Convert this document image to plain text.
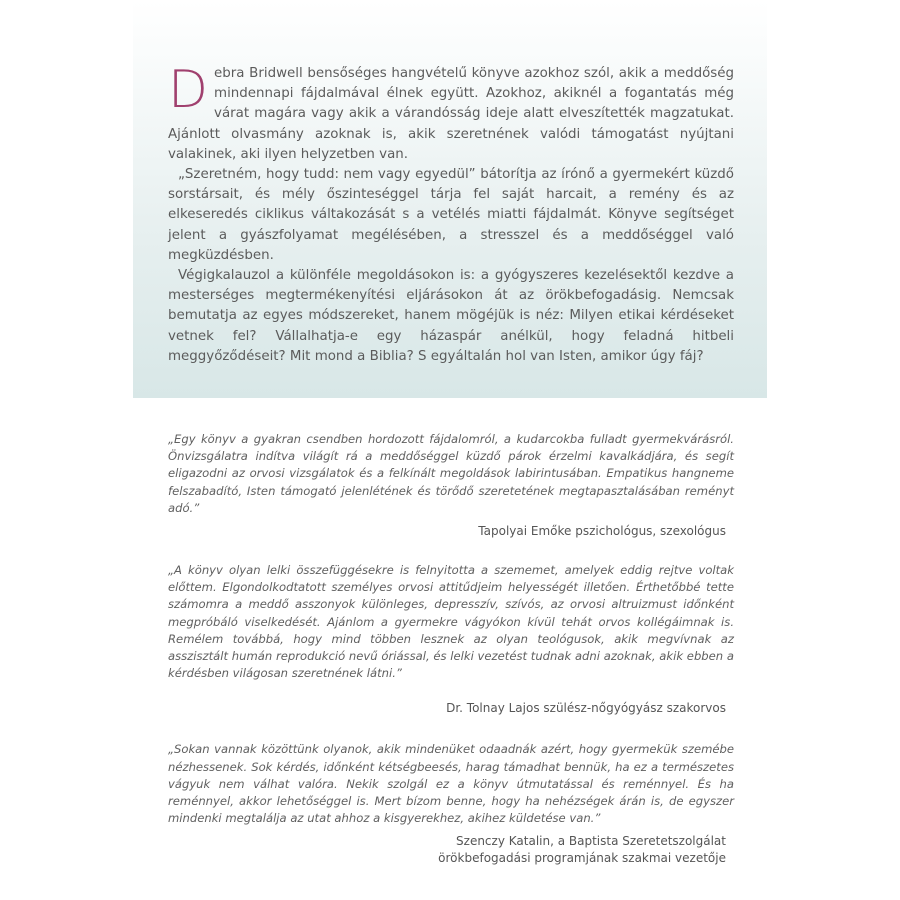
Debra Bridwell bensőséges hangvételű könyve azokhoz szól, akik a meddőség mindennapi fájdalmával élnek együtt. Azokhoz, akiknél a fogantatás még várat magára vagy akik a várandósság ideje alatt elveszítették magzatukat. Ajánlott olvasmány azoknak is, akik szeretnének valódi támogatást nyújtani valakinek, aki ilyen helyzetben van.

„Szeretném, hogy tudd: nem vagy egyedül” bátorítja az írónő a gyermekért küzdő sorstársait, és mély őszinteséggel tárja fel saját harcait, a remény és az elkeseredés ciklikus váltakozását s a vetélés miatti fájdalmát. Könyve segítséget jelent a gyászfolyamat megélésében, a stresszel és a meddőséggel való megküzdésben.

Végigkalauzol a különféle megoldásokon is: a gyógyszeres kezelésektől kezdve a mesterséges megtermékenyítési eljárásokon át az örökbefogadásig. Nemcsak bemutatja az egyes módszereket, hanem mögéjük is néz: Milyen etikai kérdéseket vetnek fel? Vállalhatja-e egy házaspár anélkül, hogy feladná hitbeli meggyőződéseit? Mit mond a Biblia? S egyáltalán hol van Isten, amikor úgy fáj?

„Egy könyv a gyakran csendben hordozott fájdalomról, a kudarcokba fulladt gyermekvárásról. Önvizsgálatra indítva világít rá a meddőséggel küzdő párok érzelmi kavalkádjára, és segít eligazodni az orvosi vizsgálatok és a felkínált megoldások labirintusában. Empatikus hangneme felszabadító, Isten támogató jelenlétének és törődő szeretetének megtapasztalásában reményt adó.”

Tapolyai Emőke pszichológus, szexológus

„A könyv olyan lelki összefüggésekre is felnyitotta a szememet, amelyek eddig rejtve voltak előttem. Elgondolkodtatott személyes orvosi attitűdjeim helyességét illetően. Érthetőbbé tette számomra a meddő asszonyok különleges, depresszív, szívós, az orvosi altruizmust időnként megpróbáló viselkedését. Ajánlom a gyermekre vágyókon kívül tehát orvos kollégáimnak is. Remélem továbbá, hogy mind többen lesznek az olyan teológusok, akik megvívnak az asszisztált humán reprodukció nevű óriással, és lelki vezetést tudnak adni azoknak, akik ebben a kérdésben világosan szeretnének látni.”

Dr. Tolnay Lajos szülész-nőgyógyász szakorvos

„Sokan vannak közöttünk olyanok, akik mindenüket odaadnák azért, hogy gyermekük szemébe nézhessenek. Sok kérdés, időnként kétségbeesés, harag támadhat bennük, ha ez a természetes vágyuk nem válhat valóra. Nekik szolgál ez a könyv útmutatással és reménnyel. És ha reménnyel, akkor lehetőséggel is. Mert bízom benne, hogy ha nehézségek árán is, de egyszer mindenki megtalálja az utat ahhoz a kisgyerekhez, akihez küldetése van.”

Szenczy Katalin, a Baptista Szeretetszolgálat
örökbefogadási programjának szakmai vezetője
